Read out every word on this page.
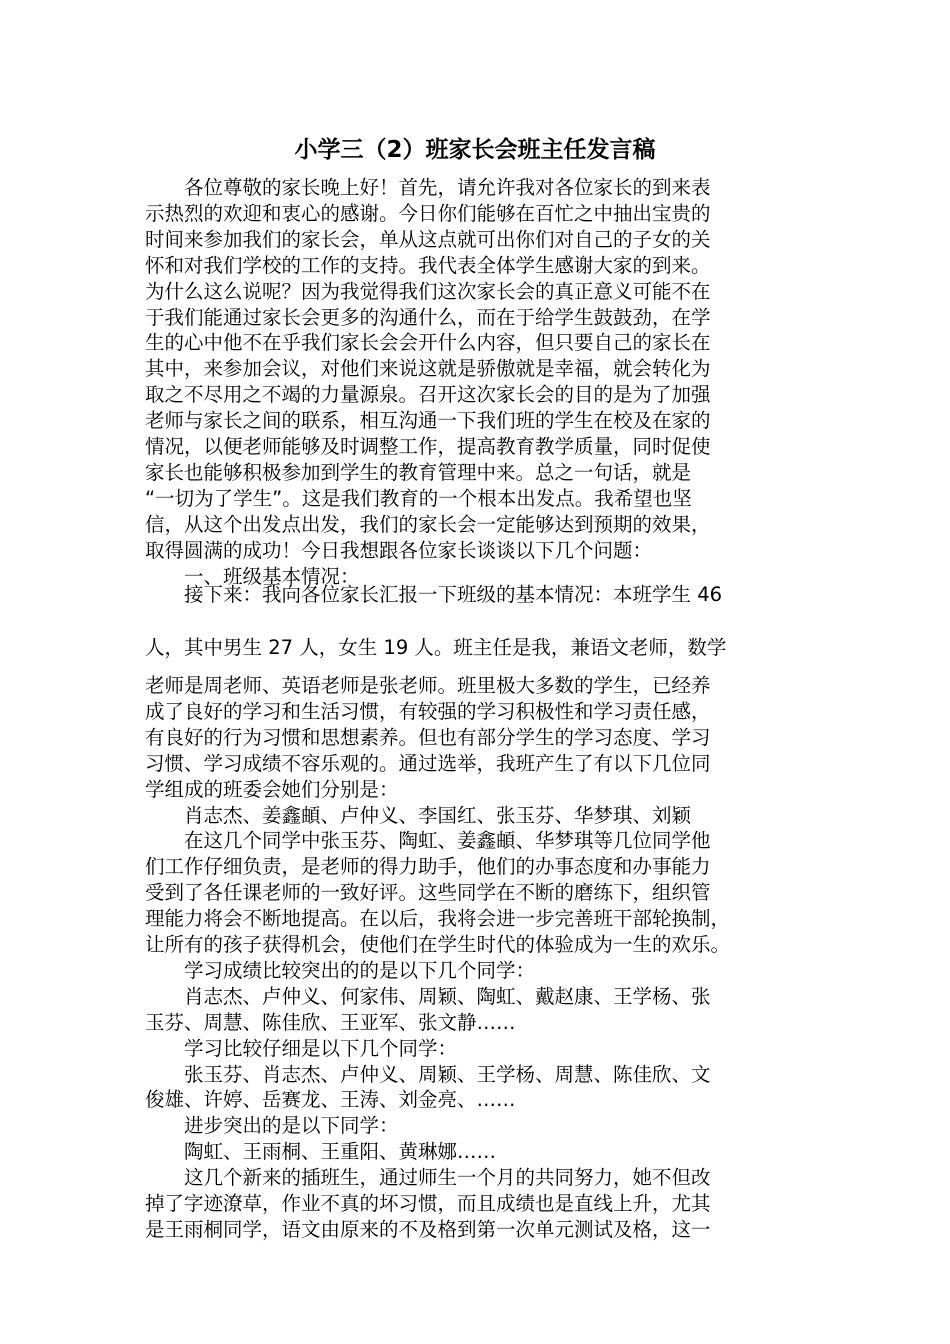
小学三（2）班家长会班主任发言稿
　　各位尊敬的家长晚上好！首先，请允许我对各位家长的到来表
示热烈的欢迎和衷心的感谢。今日你们能够在百忙之中抽出宝贵的
时间来参加我们的家长会，单从这点就可出你们对自己的子女的关
怀和对我们学校的工作的支持。我代表全体学生感谢大家的到来。
为什么这么说呢？因为我觉得我们这次家长会的真正意义可能不在
于我们能通过家长会更多的沟通什么，而在于给学生鼓鼓劲，在学
生的心中他不在乎我们家长会会开什么内容，但只要自己的家长在
其中，来参加会议，对他们来说这就是骄傲就是幸福，就会转化为
取之不尽用之不竭的力量源泉。召开这次家长会的目的是为了加强
老师与家长之间的联系，相互沟通一下我们班的学生在校及在家的
情况，以便老师能够及时调整工作，提高教育教学质量，同时促使
家长也能够积极参加到学生的教育管理中来。总之一句话，就是
“一切为了学生”。这是我们教育的一个根本出发点。我希望也坚
信，从这个出发点出发，我们的家长会一定能够达到预期的效果，
取得圆满的成功！今日我想跟各位家长谈谈以下几个问题：
　　一、班级基本情况：
　　接下来：我向各位家长汇报一下班级的基本情况：本班学生 46
人，其中男生 27 人，女生 19 人。班主任是我，兼语文老师，数学
老师是周老师、英语老师是张老师。班里极大多数的学生，已经养
成了良好的学习和生活习惯，有较强的学习积极性和学习责任感，
有良好的行为习惯和思想素养。但也有部分学生的学习态度、学习
习惯、学习成绩不容乐观的。通过选举，我班产生了有以下几位同
学组成的班委会她们分别是：
　　肖志杰、姜鑫頔、卢仲义、李国红、张玉芬、华梦琪、刘颖
　　在这几个同学中张玉芬、陶虹、姜鑫頔、华梦琪等几位同学他
们工作仔细负责，是老师的得力助手，他们的办事态度和办事能力
受到了各任课老师的一致好评。这些同学在不断的磨练下，组织管
理能力将会不断地提高。在以后，我将会进一步完善班干部轮换制，
让所有的孩子获得机会，使他们在学生时代的体验成为一生的欢乐。
　　学习成绩比较突出的的是以下几个同学：
　　肖志杰、卢仲义、何家伟、周颖、陶虹、戴赵康、王学杨、张
玉芬、周慧、陈佳欣、王亚军、张文静……
　　学习比较仔细是以下几个同学：
　　张玉芬、肖志杰、卢仲义、周颖、王学杨、周慧、陈佳欣、文
俊雄、许婷、岳赛龙、王涛、刘金亮、……
　　进步突出的是以下同学：
　　陶虹、王雨桐、王重阳、黄琳娜……
　　这几个新来的插班生，通过师生一个月的共同努力，她不但改
掉了字迹潦草，作业不真的坏习惯，而且成绩也是直线上升，尤其
是王雨桐同学，语文由原来的不及格到第一次单元测试及格，这一
